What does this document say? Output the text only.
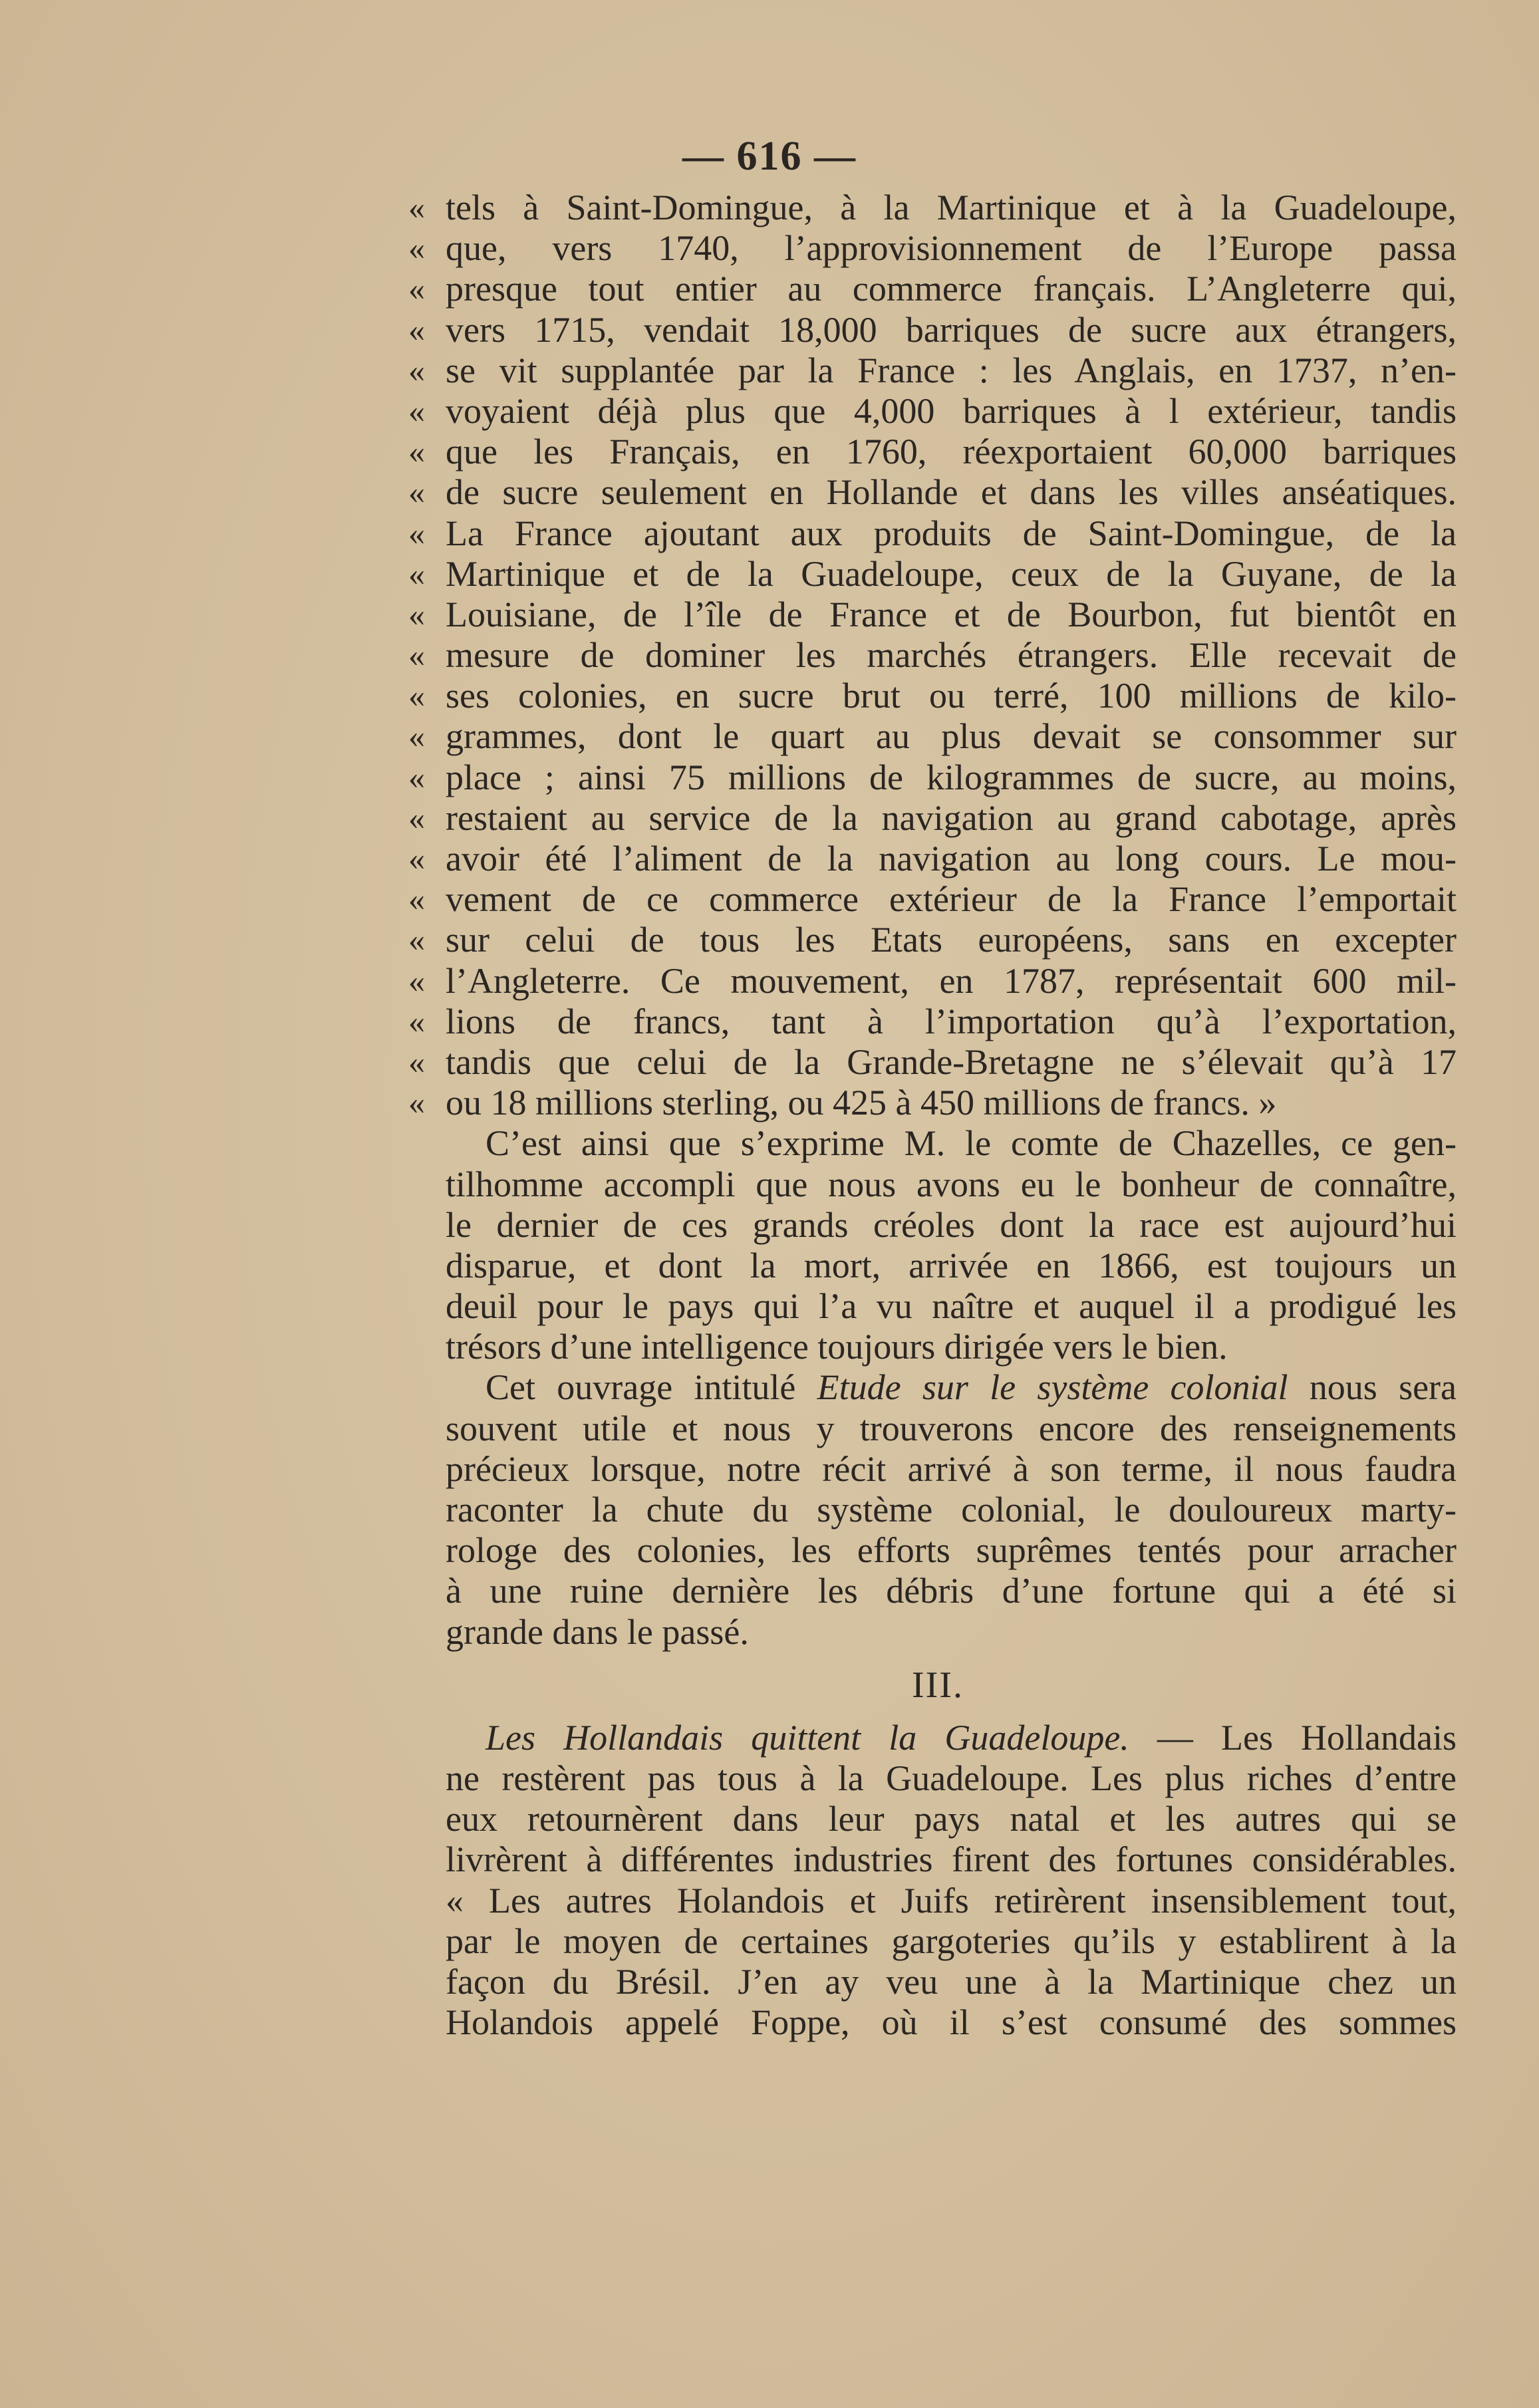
— 616 —
« tels à Saint-Domingue, à la Martinique et à la Guadeloupe,
« que, vers 1740, l’approvisionnement de l’Europe passa
« presque tout entier au commerce français. L’Angleterre qui,
« vers 1715, vendait 18,000 barriques de sucre aux étrangers,
« se vit supplantée par la France : les Anglais, en 1737, n’en-
« voyaient déjà plus que 4,000 barriques à l extérieur, tandis
« que les Français, en 1760, réexportaient 60,000 barriques
« de sucre seulement en Hollande et dans les villes anséatiques.
« La France ajoutant aux produits de Saint-Domingue, de la
« Martinique et de la Guadeloupe, ceux de la Guyane, de la
« Louisiane, de l’île de France et de Bourbon, fut bientôt en
« mesure de dominer les marchés étrangers. Elle recevait de
« ses colonies, en sucre brut ou terré, 100 millions de kilo-
« grammes, dont le quart au plus devait se consommer sur
« place ; ainsi 75 millions de kilogrammes de sucre, au moins,
« restaient au service de la navigation au grand cabotage, après
« avoir été l’aliment de la navigation au long cours. Le mou-
« vement de ce commerce extérieur de la France l’emportait
« sur celui de tous les Etats européens, sans en excepter
« l’Angleterre. Ce mouvement, en 1787, représentait 600 mil-
« lions de francs, tant à l’importation qu’à l’exportation,
« tandis que celui de la Grande-Bretagne ne s’élevait qu’à 17
« ou 18 millions sterling, ou 425 à 450 millions de francs. »
C’est ainsi que s’exprime M. le comte de Chazelles, ce gen-
tilhomme accompli que nous avons eu le bonheur de connaître,
le dernier de ces grands créoles dont la race est aujourd’hui
disparue, et dont la mort, arrivée en 1866, est toujours un
deuil pour le pays qui l’a vu naître et auquel il a prodigué les
trésors d’une intelligence toujours dirigée vers le bien.
Cet ouvrage intitulé Etude sur le système colonial nous sera
souvent utile et nous y trouverons encore des renseignements
précieux lorsque, notre récit arrivé à son terme, il nous faudra
raconter la chute du système colonial, le douloureux marty-
rologe des colonies, les efforts suprêmes tentés pour arracher
à une ruine dernière les débris d’une fortune qui a été si
grande dans le passé.
III.
Les Hollandais quittent la Guadeloupe. — Les Hollandais
ne restèrent pas tous à la Guadeloupe. Les plus riches d’entre
eux retournèrent dans leur pays natal et les autres qui se
livrèrent à différentes industries firent des fortunes considérables.
« Les autres Holandois et Juifs retirèrent insensiblement tout,
par le moyen de certaines gargoteries qu’ils y establirent à la
façon du Brésil. J’en ay veu une à la Martinique chez un
Holandois appelé Foppe, où il s’est consumé des sommes
